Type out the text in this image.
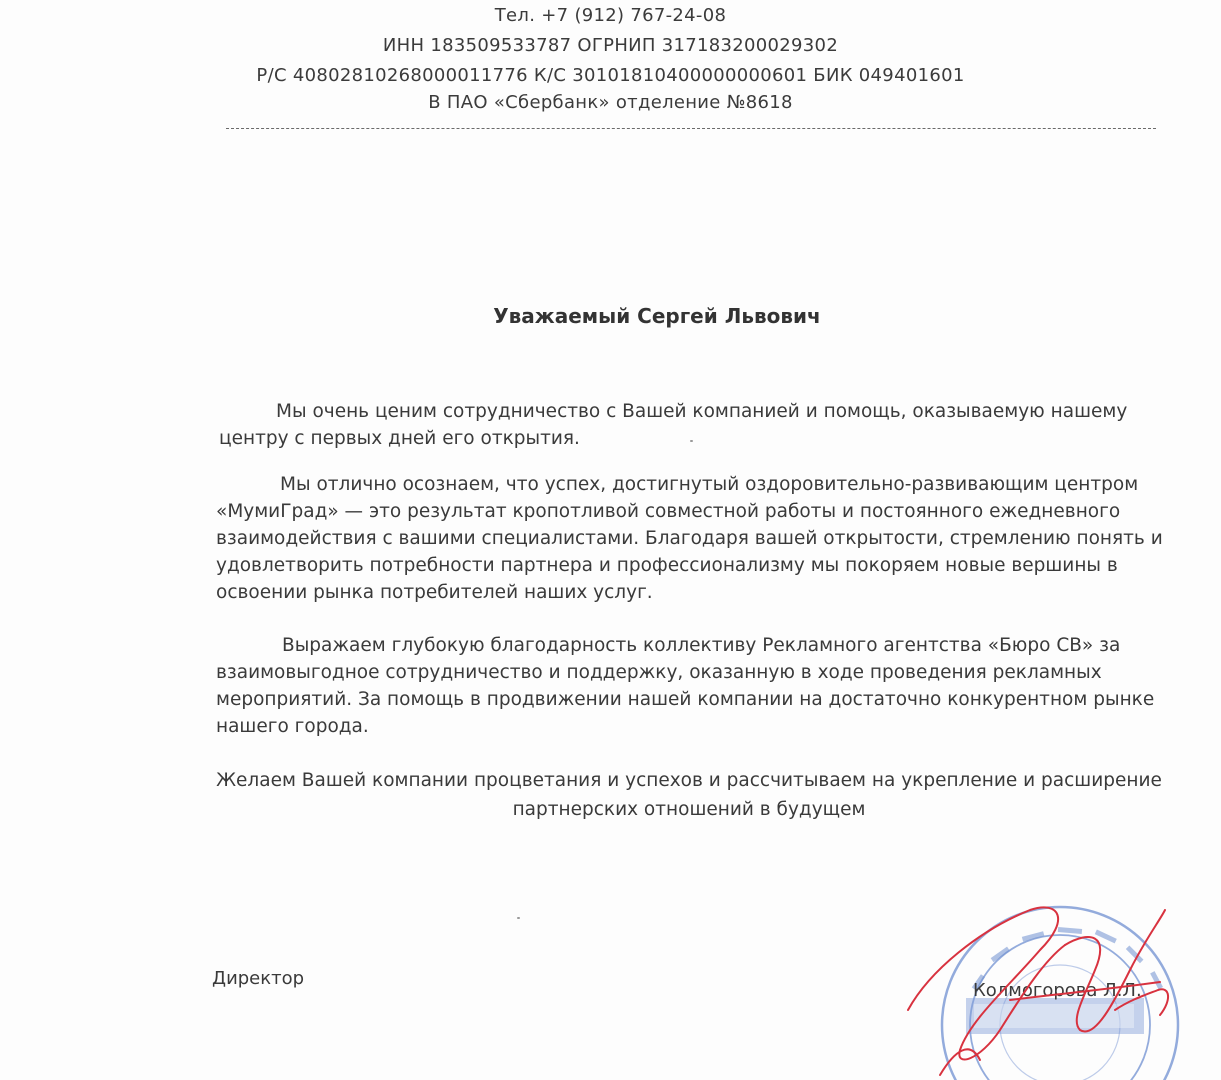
Тел. +7 (912) 767-24-08
ИНН 183509533787 ОГРНИП 317183200029302
Р/С 40802810268000011776 К/С 30101810400000000601 БИК 049401601
В ПАО «Сбербанк» отделение №8618
Уважаемый Сергей Львович
Мы очень ценим сотрудничество с Вашей компанией и помощь, оказываемую нашему
центру с первых дней его открытия.
Мы отлично осознаем, что успех, достигнутый оздоровительно-развивающим центром
«МумиГрад» — это результат кропотливой совместной работы и постоянного ежедневного
взаимодействия с вашими специалистами. Благодаря вашей открытости, стремлению понять и
удовлетворить потребности партнера и профессионализму мы покоряем новые вершины в
освоении рынка потребителей наших услуг.
Выражаем глубокую благодарность коллективу Рекламного агентства «Бюро СВ» за
взаимовыгодное сотрудничество и поддержку, оказанную в ходе проведения рекламных
мероприятий. За помощь в продвижении нашей компании на достаточно конкурентном рынке
нашего города.
Желаем Вашей компании процветания и успехов и рассчитываем на укрепление и расширение
партнерских отношений в будущем
Директор
Колмогорова Л.Л.
